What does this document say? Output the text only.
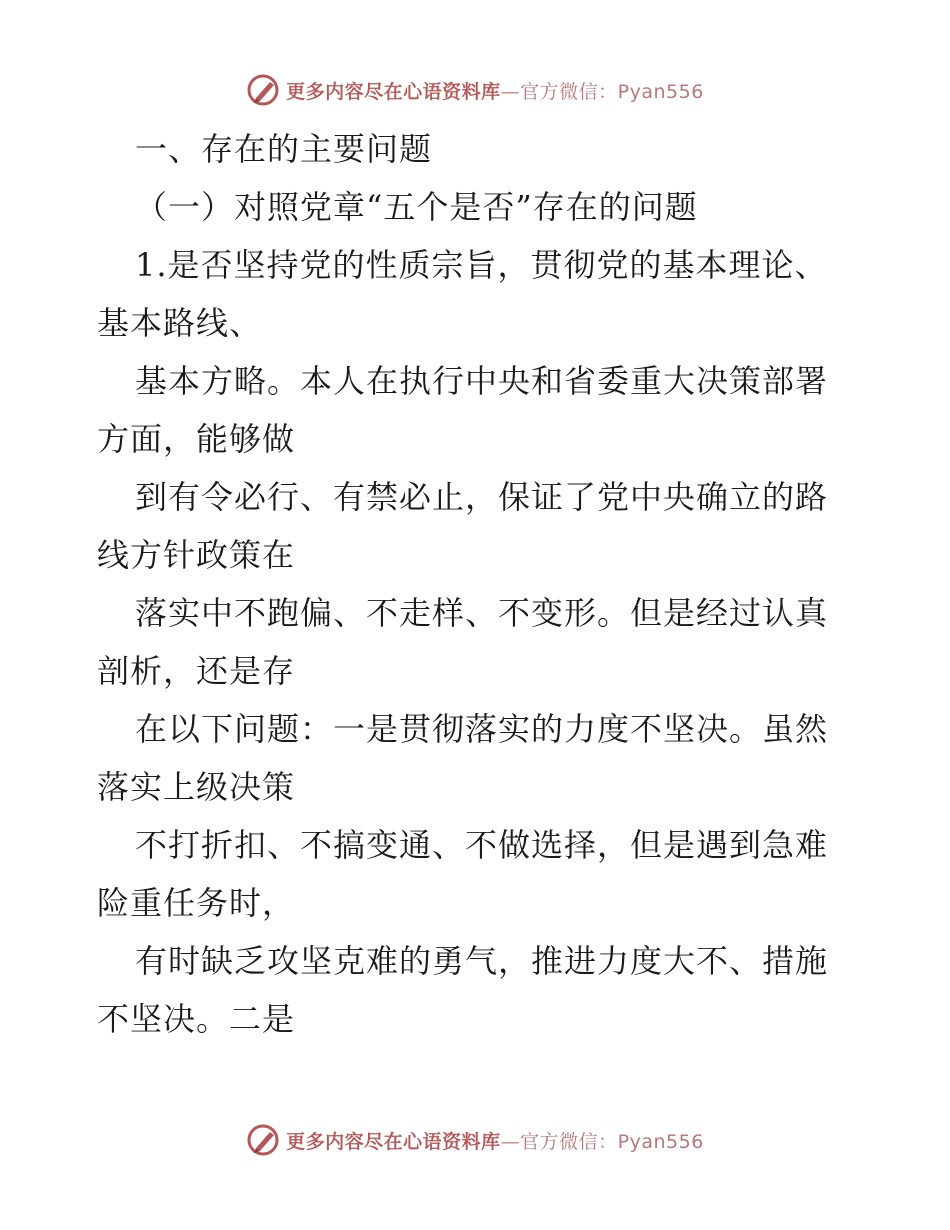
更多内容尽在心语资料库—官方微信：Pyan556
一、存在的主要问题
（一）对照党章“五个是否”存在的问题
1.是否坚持党的性质宗旨，贯彻党的基本理论、
基本路线、
基本方略。本人在执行中央和省委重大决策部署
方面，能够做
到有令必行、有禁必止，保证了党中央确立的路
线方针政策在
落实中不跑偏、不走样、不变形。但是经过认真
剖析，还是存
在以下问题：一是贯彻落实的力度不坚决。虽然
落实上级决策
不打折扣、不搞变通、不做选择，但是遇到急难
险重任务时，
有时缺乏攻坚克难的勇气，推进力度大不、措施
不坚决。二是
更多内容尽在心语资料库—官方微信：Pyan556
